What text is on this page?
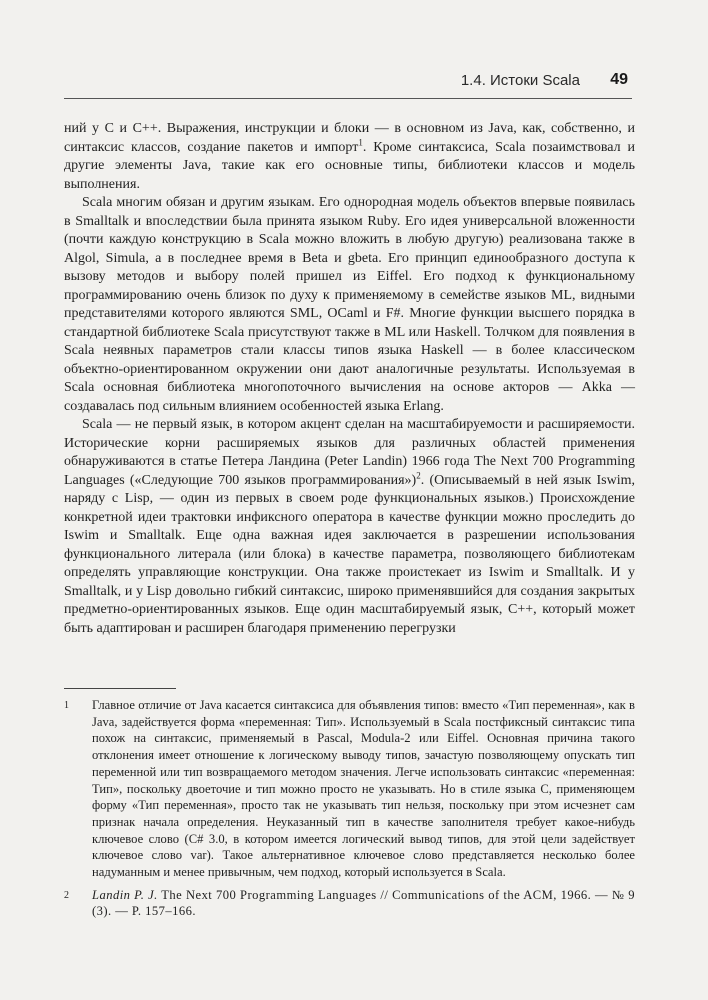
1.4. Истоки Scala 49

ний у C и C++. Выражения, инструкции и блоки — в основном из Java, как, собственно, и синтаксис классов, создание пакетов и импорт$^1$. Кроме синтаксиса, Scala позаимствовал и другие элементы Java, такие как его основные типы, библиотеки классов и модель выполнения.

Scala многим обязан и другим языкам. Его однородная модель объектов впервые появилась в Smalltalk и впоследствии была принята языком Ruby. Его идея универсальной вложенности (почти каждую конструкцию в Scala можно вложить в любую другую) реализована также в Algol, Simula, а в последнее время в Beta и gbeta. Его принцип единообразного доступа к вызову методов и выбору полей пришел из Eiffel. Его подход к функциональному программированию очень близок по духу к применяемому в семействе языков ML, видными представителями которого являются SML, OCaml и F#. Многие функции высшего порядка в стандартной библиотеке Scala присутствуют также в ML или Haskell. Толчком для появления в Scala неявных параметров стали классы типов языка Haskell — в более классическом объектно-ориентированном окружении они дают аналогичные результаты. Используемая в Scala основная библиотека многопоточного вычисления на основе акторов — Akka — создавалась под сильным влиянием особенностей языка Erlang.

Scala — не первый язык, в котором акцент сделан на масштабируемости и расширяемости. Исторические корни расширяемых языков для различных областей применения обнаруживаются в статье Петера Ландина (Peter Landin) 1966 года The Next 700 Programming Languages («Следующие 700 языков программирования»)$^2$. (Описываемый в ней язык Iswim, наряду с Lisp, — один из первых в своем роде функциональных языков.) Происхождение конкретной идеи трактовки инфиксного оператора в качестве функции можно проследить до Iswim и Smalltalk. Еще одна важная идея заключается в разрешении использования функционального литерала (или блока) в качестве параметра, позволяющего библиотекам определять управляющие конструкции. Она также проистекает из Iswim и Smalltalk. И у Smalltalk, и у Lisp довольно гибкий синтаксис, широко применявшийся для создания закрытых предметно-ориентированных языков. Еще один масштабируемый язык, C++, который может быть адаптирован и расширен благодаря применению перегрузки

1	Главное отличие от Java касается синтаксиса для объявления типов: вместо «Тип переменная», как в Java, задействуется форма «переменная: Тип». Используемый в Scala постфиксный синтаксис типа похож на синтаксис, применяемый в Pascal, Modula-2 или Eiffel. Основная причина такого отклонения имеет отношение к логическому выводу типов, зачастую позволяющему опускать тип переменной или тип возвращаемого методом значения. Легче использовать синтаксис «переменная: Тип», поскольку двоеточие и тип можно просто не указывать. Но в стиле языка C, применяющем форму «Тип переменная», просто так не указывать тип нельзя, поскольку при этом исчезнет сам признак начала определения. Неуказанный тип в качестве заполнителя требует какое-нибудь ключевое слово (C# 3.0, в котором имеется логический вывод типов, для этой цели задействует ключевое слово var). Такое альтернативное ключевое слово представляется несколько более надуманным и менее привычным, чем подход, который используется в Scala.
2	Landin P. J. The Next 700 Programming Languages // Communications of the ACM, 1966. — № 9 (3). — P. 157–166.
